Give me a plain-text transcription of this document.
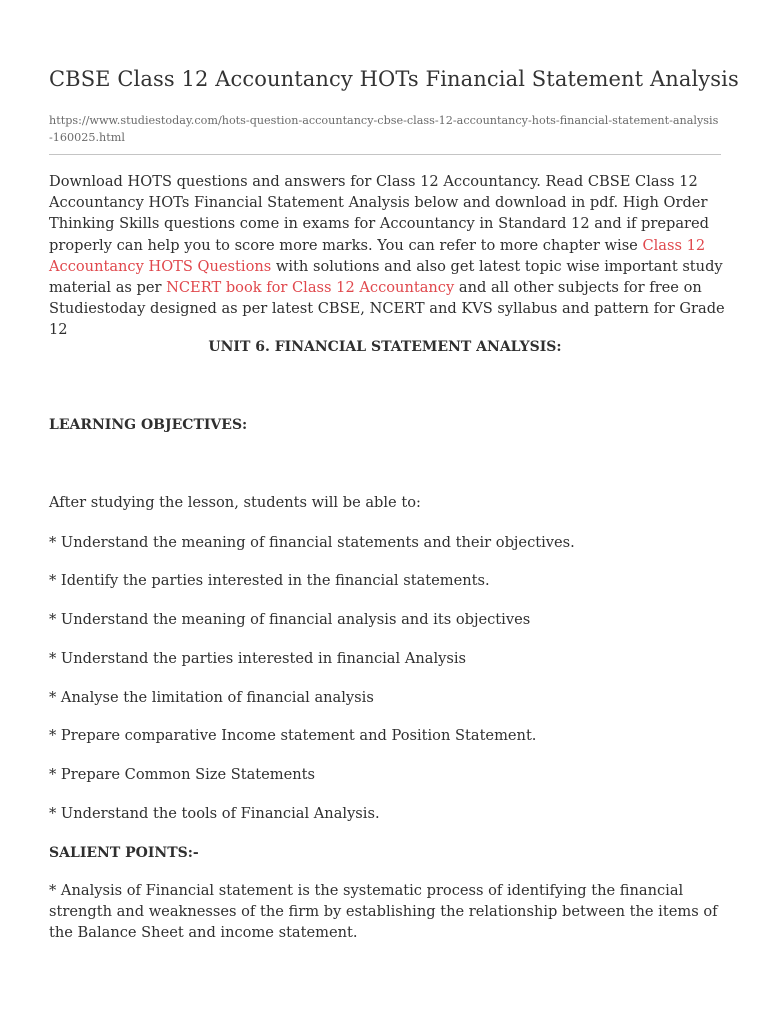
CBSE Class 12 Accountancy HOTs Financial Statement Analysis
https://www.studiestoday.com/hots-question-accountancy-cbse-class-12-accountancy-hots-financial-statement-analysis-160025.html

Download HOTS questions and answers for Class 12 Accountancy. Read CBSE Class 12 Accountancy HOTs Financial Statement Analysis below and download in pdf. High Order Thinking Skills questions come in exams for Accountancy in Standard 12 and if prepared properly can help you to score more marks. You can refer to more chapter wise Class 12 Accountancy HOTS Questions with solutions and also get latest topic wise important study material as per NCERT book for Class 12 Accountancy and all other subjects for free on Studiestoday designed as per latest CBSE, NCERT and KVS syllabus and pattern for Grade 12

UNIT 6. FINANCIAL STATEMENT ANALYSIS:

LEARNING OBJECTIVES:

After studying the lesson, students will be able to:

* Understand the meaning of financial statements and their objectives.

* Identify the parties interested in the financial statements.

* Understand the meaning of financial analysis and its objectives

* Understand the parties interested in financial Analysis

* Analyse the limitation of financial analysis

* Prepare comparative Income statement and Position Statement.

* Prepare Common Size Statements

* Understand the tools of Financial Analysis.

SALIENT POINTS:-

* Analysis of Financial statement is the systematic process of identifying the financial strength and weaknesses of the firm by establishing the relationship between the items of the Balance Sheet and income statement.
